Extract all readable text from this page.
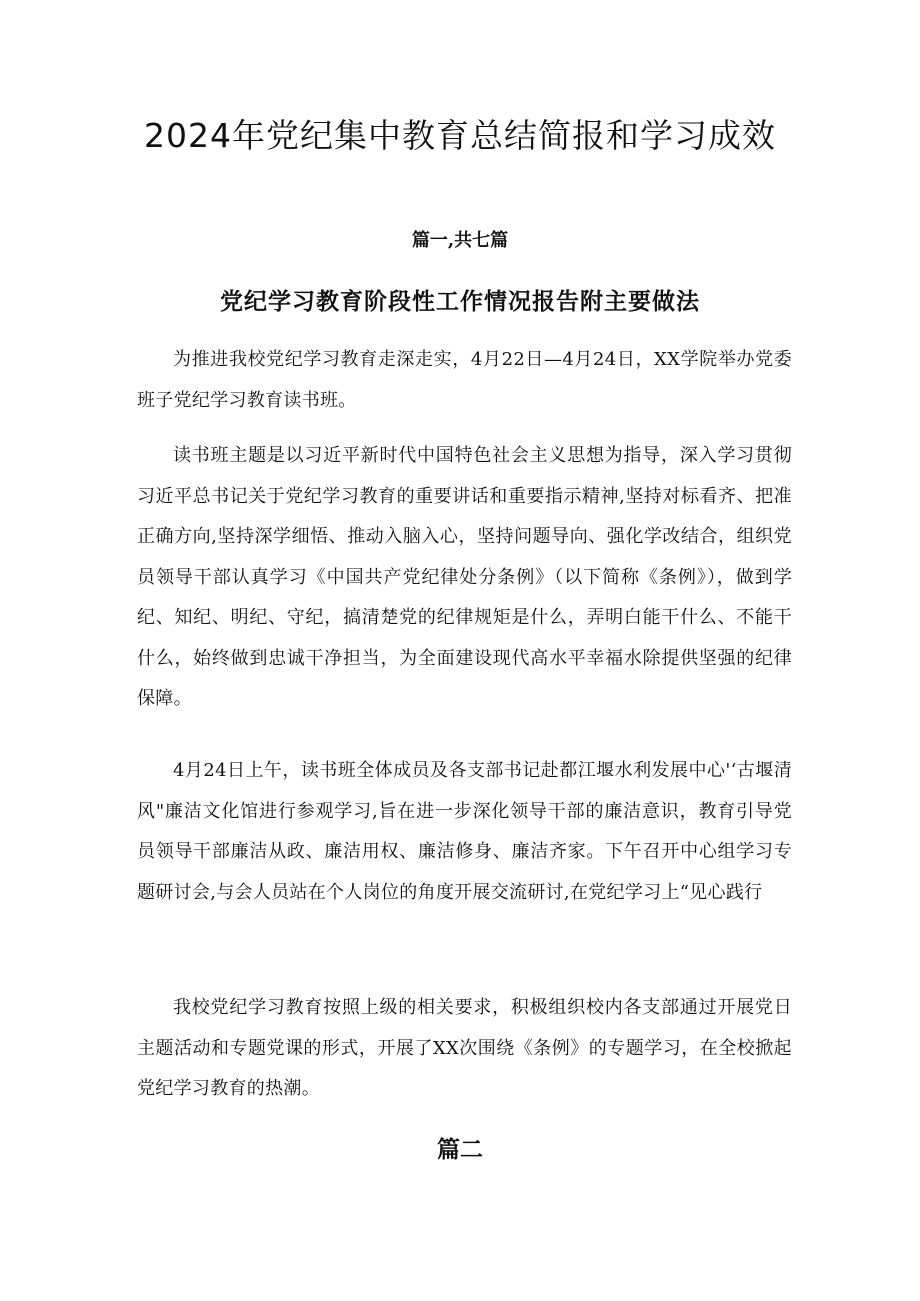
2024年党纪集中教育总结简报和学习成效
篇一,共七篇
党纪学习教育阶段性工作情况报告附主要做法

为推进我校党纪学习教育走深走实，4月22日—4月24日，XX学院举办党委班子党纪学习教育读书班。

读书班主题是以习近平新时代中国特色社会主义思想为指导，深入学习贯彻习近平总书记关于党纪学习教育的重要讲话和重要指示精神,坚持对标看齐、把准正确方向,坚持深学细悟、推动入脑入心，坚持问题导向、强化学改结合，组织党员领导干部认真学习《中国共产党纪律处分条例》（以下简称《条例》），做到学纪、知纪、明纪、守纪，搞清楚党的纪律规矩是什么，弄明白能干什么、不能干什么，始终做到忠诚干净担当，为全面建设现代高水平幸福水除提供坚强的纪律保障。

4月24日上午，读书班全体成员及各支部书记赴都江堰水利发展中心'‘古堰清风"廉洁文化馆进行参观学习,旨在进一步深化领导干部的廉洁意识，教育引导党员领导干部廉洁从政、廉洁用权、廉洁修身、廉洁齐家。下午召开中心组学习专题研讨会,与会人员站在个人岗位的角度开展交流研讨,在党纪学习上“见心践行

我校党纪学习教育按照上级的相关要求，积极组织校内各支部通过开展党日主题活动和专题党课的形式，开展了XX次围绕《条例》的专题学习，在全校掀起党纪学习教育的热潮。

篇二
